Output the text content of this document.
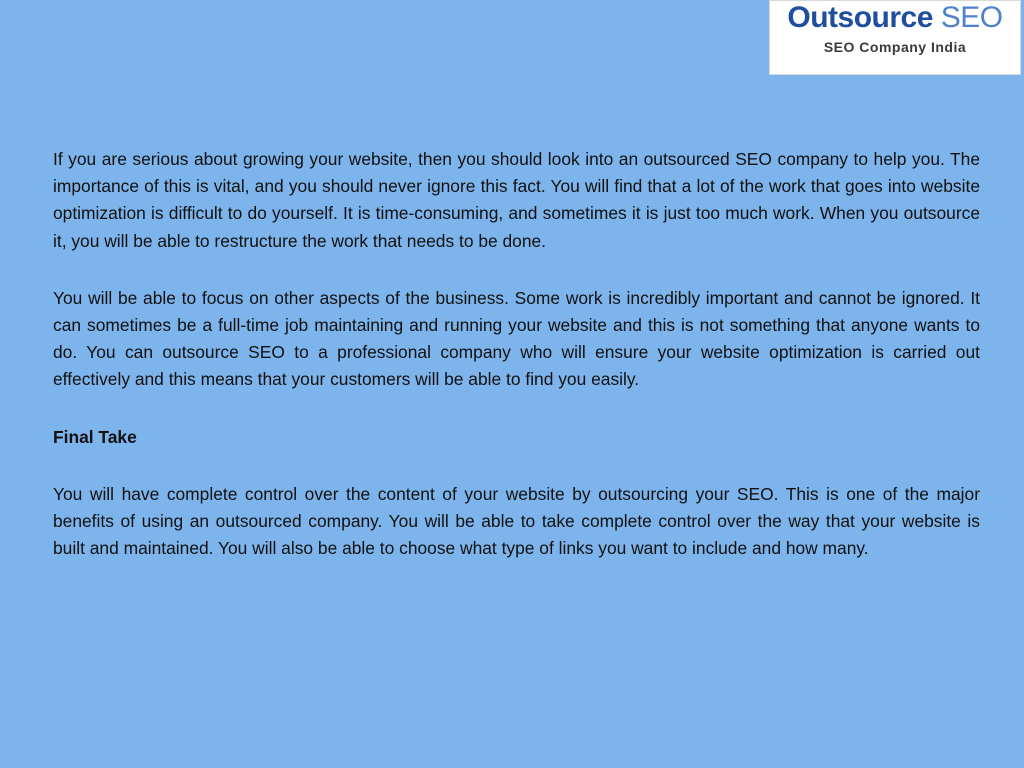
Outsource SEO
SEO Company India

If you are serious about growing your website, then you should look into an outsourced SEO company to help you. The importance of this is vital, and you should never ignore this fact. You will find that a lot of the work that goes into website optimization is difficult to do yourself. It is time-consuming, and sometimes it is just too much work. When you outsource it, you will be able to restructure the work that needs to be done.

You will be able to focus on other aspects of the business. Some work is incredibly important and cannot be ignored. It can sometimes be a full-time job maintaining and running your website and this is not something that anyone wants to do. You can outsource SEO to a professional company who will ensure your website optimization is carried out effectively and this means that your customers will be able to find you easily.

Final Take

You will have complete control over the content of your website by outsourcing your SEO. This is one of the major benefits of using an outsourced company. You will be able to take complete control over the way that your website is built and maintained. You will also be able to choose what type of links you want to include and how many.
